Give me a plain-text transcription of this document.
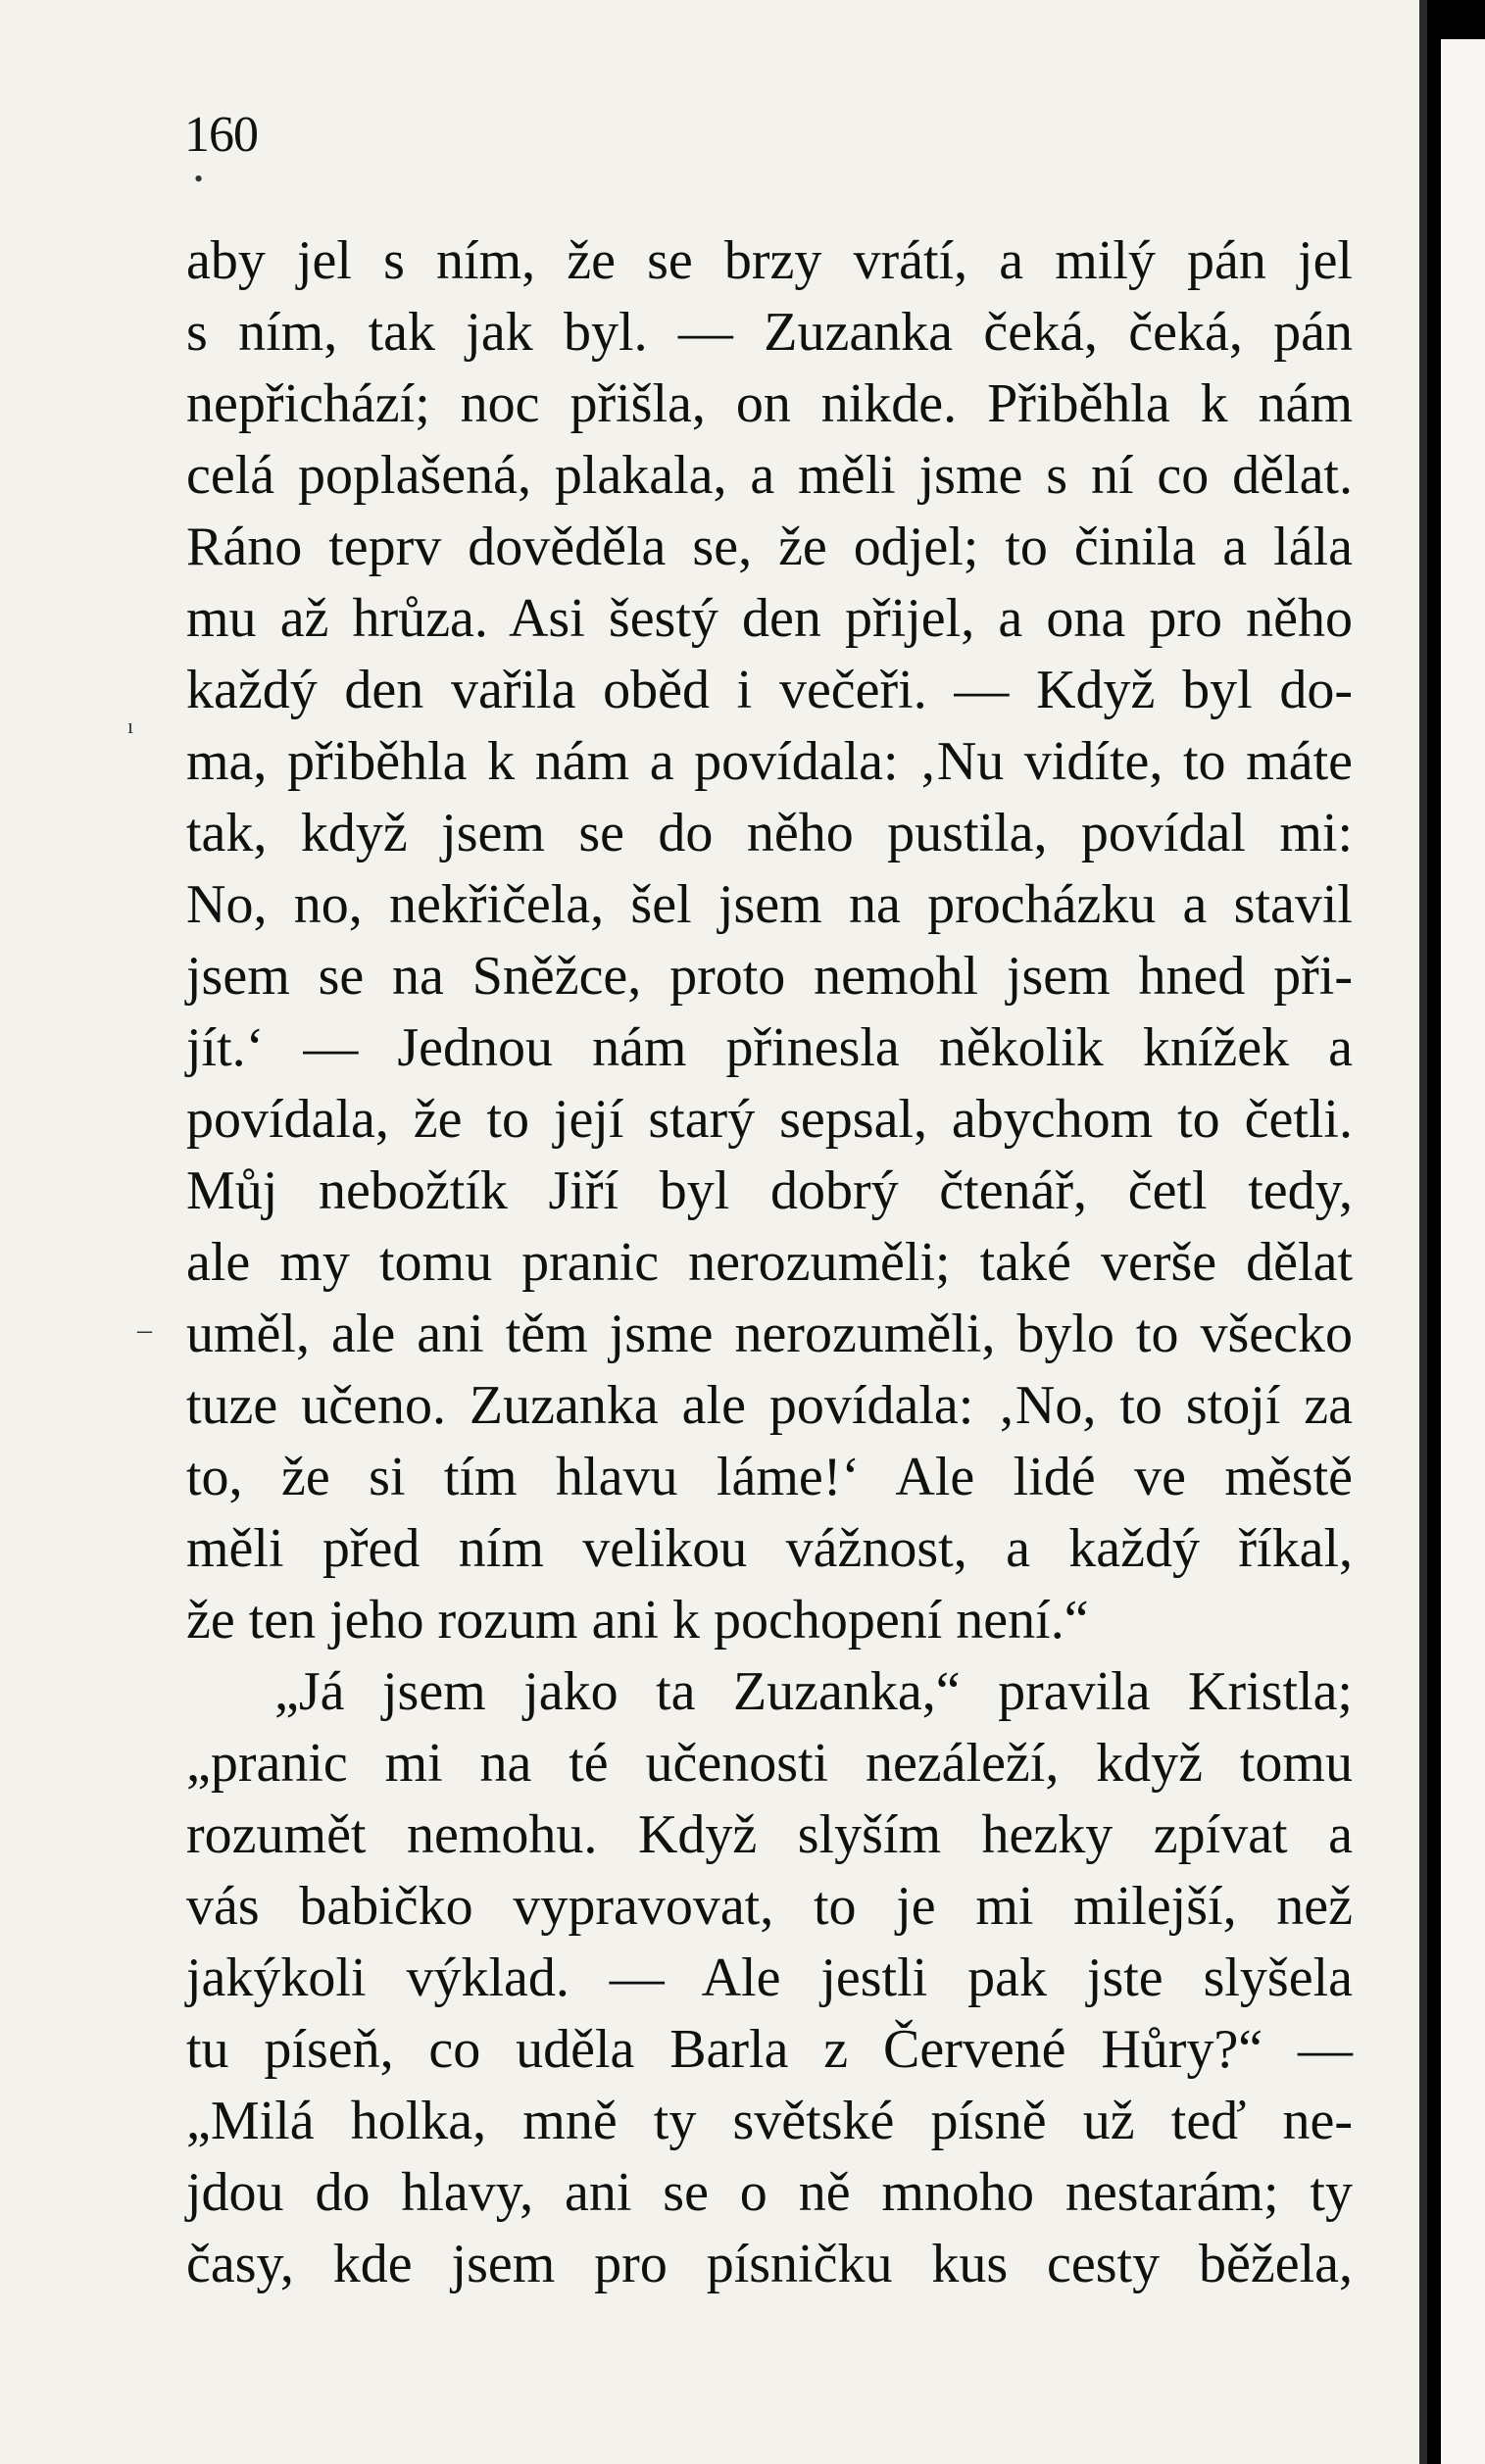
160
•
ı
–
aby jel s ním, že se brzy vrátí, a milý pán jel
s ním, tak jak byl. — Zuzanka čeká, čeká, pán
nepřichází; noc přišla, on nikde. Přiběhla k nám
celá poplašená, plakala, a měli jsme s ní co dělat.
Ráno teprv dověděla se, že odjel; to činila a lála
mu až hrůza. Asi šestý den přijel, a ona pro něho
každý den vařila oběd i večeři. — Když byl do-
ma, přiběhla k nám a povídala: ‚Nu vidíte, to máte
tak, když jsem se do něho pustila, povídal mi:
No, no, nekřičela, šel jsem na procházku a stavil
jsem se na Sněžce, proto nemohl jsem hned při-
jít.‘ — Jednou nám přinesla několik knížek a
povídala, že to její starý sepsal, abychom to četli.
Můj nebožtík Jiří byl dobrý čtenář, četl tedy,
ale my tomu pranic nerozuměli; také verše dělat
uměl, ale ani těm jsme nerozuměli, bylo to všecko
tuze učeno. Zuzanka ale povídala: ‚No, to stojí za
to, že si tím hlavu láme!‘ Ale lidé ve městě
měli před ním velikou vážnost, a každý říkal,
že ten jeho rozum ani k pochopení není.“
„Já jsem jako ta Zuzanka,“ pravila Kristla;
„pranic mi na té učenosti nezáleží, když tomu
rozumět nemohu. Když slyším hezky zpívat a
vás babičko vypravovat, to je mi milejší, než
jakýkoli výklad. — Ale jestli pak jste slyšela
tu píseň, co uděla Barla z Červené Hůry?“ —
„Milá holka, mně ty světské písně už teď ne-
jdou do hlavy, ani se o ně mnoho nestarám; ty
časy, kde jsem pro písničku kus cesty běžela,
